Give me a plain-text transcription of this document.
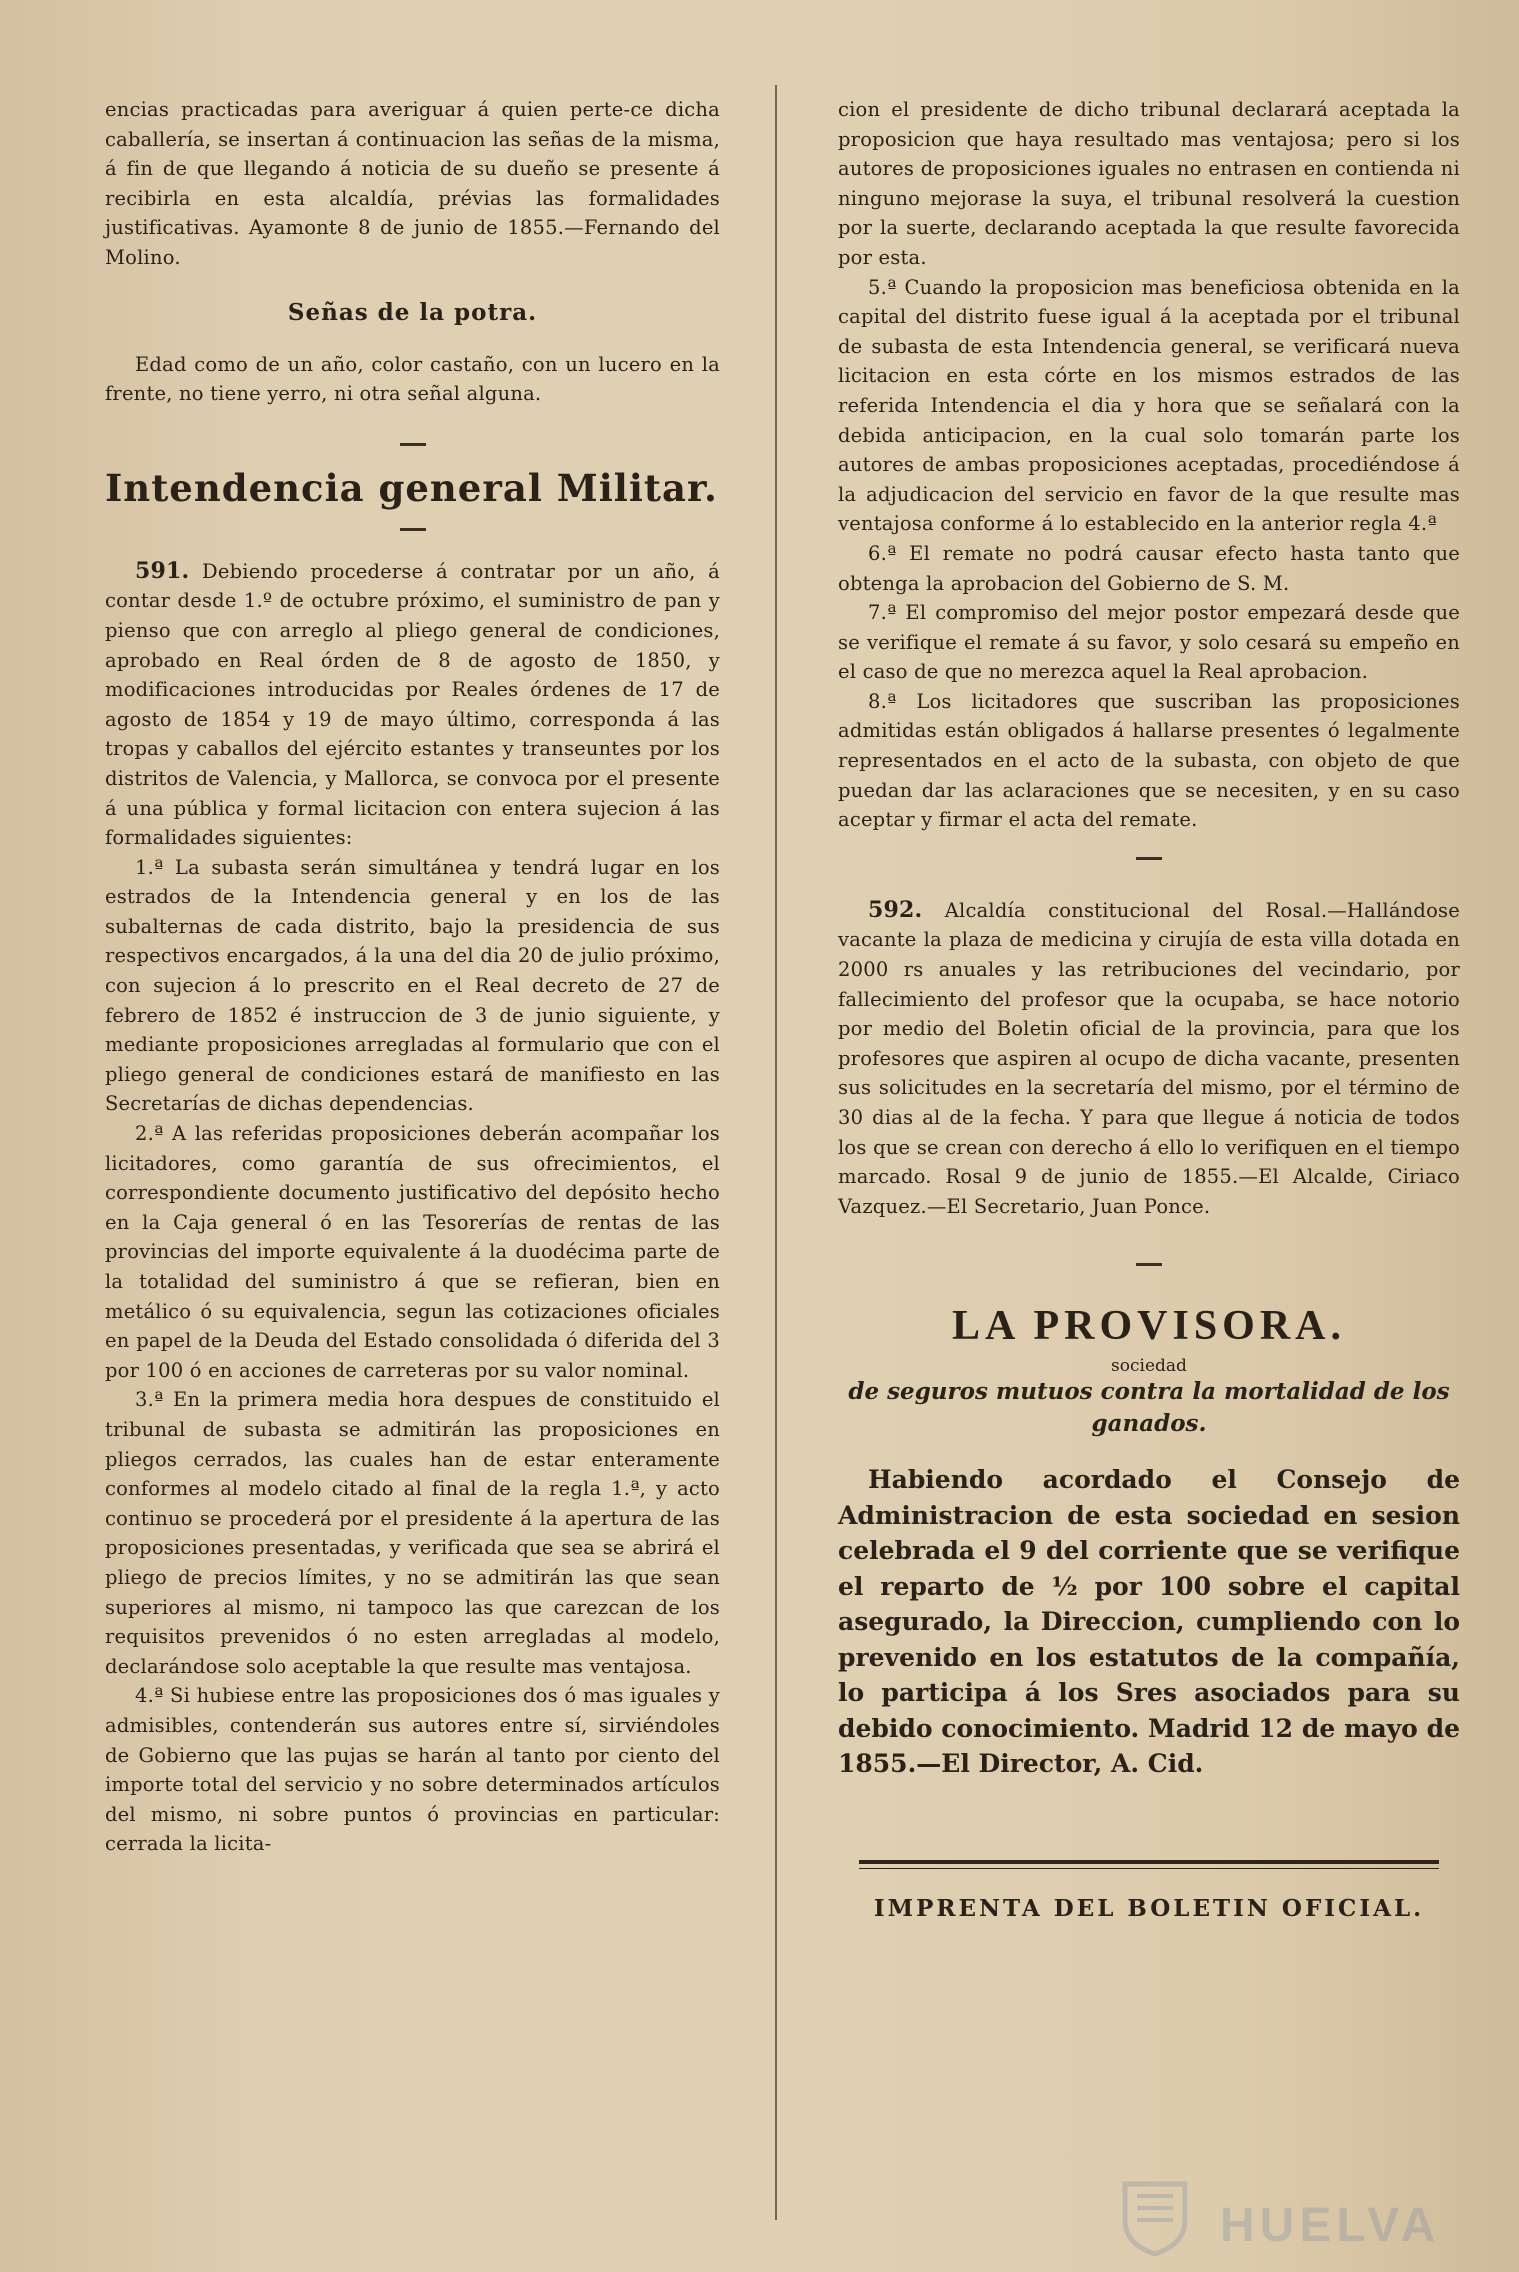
encias practicadas para averiguar á quien perte-ce dicha caballería, se insertan á continuacion las señas de la misma, á fin de que llegando á noticia de su dueño se presente á recibirla en esta alcaldía, prévias las formalidades justificativas. Ayamonte 8 de junio de 1855.—Fernando del Molino.

Señas de la potra.

Edad como de un año, color castaño, con un lucero en la frente, no tiene yerro, ni otra señal alguna.

Intendencia general Militar.

591. Debiendo procederse á contratar por un año, á contar desde 1.º de octubre próximo, el suministro de pan y pienso que con arreglo al pliego general de condiciones, aprobado en Real órden de 8 de agosto de 1850, y modificaciones introducidas por Reales órdenes de 17 de agosto de 1854 y 19 de mayo último, corresponda á las tropas y caballos del ejército estantes y transeuntes por los distritos de Valencia, y Mallorca, se convoca por el presente á una pública y formal licitacion con entera sujecion á las formalidades siguientes:

1.ª La subasta serán simultánea y tendrá lugar en los estrados de la Intendencia general y en los de las subalternas de cada distrito, bajo la presidencia de sus respectivos encargados, á la una del dia 20 de julio próximo, con sujecion á lo prescrito en el Real decreto de 27 de febrero de 1852 é instruccion de 3 de junio siguiente, y mediante proposiciones arregladas al formulario que con el pliego general de condiciones estará de manifiesto en las Secretarías de dichas dependencias.

2.ª A las referidas proposiciones deberán acompañar los licitadores, como garantía de sus ofrecimientos, el correspondiente documento justificativo del depósito hecho en la Caja general ó en las Tesorerías de rentas de las provincias del importe equivalente á la duodécima parte de la totalidad del suministro á que se refieran, bien en metálico ó su equivalencia, segun las cotizaciones oficiales en papel de la Deuda del Estado consolidada ó diferida del 3 por 100 ó en acciones de carreteras por su valor nominal.

3.ª En la primera media hora despues de constituido el tribunal de subasta se admitirán las proposiciones en pliegos cerrados, las cuales han de estar enteramente conformes al modelo citado al final de la regla 1.ª, y acto continuo se procederá por el presidente á la apertura de las proposiciones presentadas, y verificada que sea se abrirá el pliego de precios límites, y no se admitirán las que sean superiores al mismo, ni tampoco las que carezcan de los requisitos prevenidos ó no esten arregladas al modelo, declarándose solo aceptable la que resulte mas ventajosa.

4.ª Si hubiese entre las proposiciones dos ó mas iguales y admisibles, contenderán sus autores entre sí, sirviéndoles de Gobierno que las pujas se harán al tanto por ciento del importe total del servicio y no sobre determinados artículos del mismo, ni sobre puntos ó provincias en particular: cerrada la licita-

cion el presidente de dicho tribunal declarará aceptada la proposicion que haya resultado mas ventajosa; pero si los autores de proposiciones iguales no entrasen en contienda ni ninguno mejorase la suya, el tribunal resolverá la cuestion por la suerte, declarando aceptada la que resulte favorecida por esta.

5.ª Cuando la proposicion mas beneficiosa obtenida en la capital del distrito fuese igual á la aceptada por el tribunal de subasta de esta Intendencia general, se verificará nueva licitacion en esta córte en los mismos estrados de las referida Intendencia el dia y hora que se señalará con la debida anticipacion, en la cual solo tomarán parte los autores de ambas proposiciones aceptadas, procediéndose á la adjudicacion del servicio en favor de la que resulte mas ventajosa conforme á lo establecido en la anterior regla 4.ª

6.ª El remate no podrá causar efecto hasta tanto que obtenga la aprobacion del Gobierno de S. M.

7.ª El compromiso del mejor postor empezará desde que se verifique el remate á su favor, y solo cesará su empeño en el caso de que no merezca aquel la Real aprobacion.

8.ª Los licitadores que suscriban las proposiciones admitidas están obligados á hallarse presentes ó legalmente representados en el acto de la subasta, con objeto de que puedan dar las aclaraciones que se necesiten, y en su caso aceptar y firmar el acta del remate.

592. Alcaldía constitucional del Rosal.—Hallándose vacante la plaza de medicina y cirujía de esta villa dotada en 2000 rs anuales y las retribuciones del vecindario, por fallecimiento del profesor que la ocupaba, se hace notorio por medio del Boletin oficial de la provincia, para que los profesores que aspiren al ocupo de dicha vacante, presenten sus solicitudes en la secretaría del mismo, por el término de 30 dias al de la fecha. Y para que llegue á noticia de todos los que se crean con derecho á ello lo verifiquen en el tiempo marcado. Rosal 9 de junio de 1855.—El Alcalde, Ciriaco Vazquez.—El Secretario, Juan Ponce.

LA PROVISORA.

sociedad

de seguros mutuos contra la mortalidad de los ganados.

Habiendo acordado el Consejo de Administracion de esta sociedad en sesion celebrada el 9 del corriente que se verifique el reparto de ½ por 100 sobre el capital asegurado, la Direccion, cumpliendo con lo prevenido en los estatutos de la compañía, lo participa á los Sres asociados para su debido conocimiento. Madrid 12 de mayo de 1855.—El Director, A. Cid.

IMPRENTA DEL BOLETIN OFICIAL.

HUELVA
